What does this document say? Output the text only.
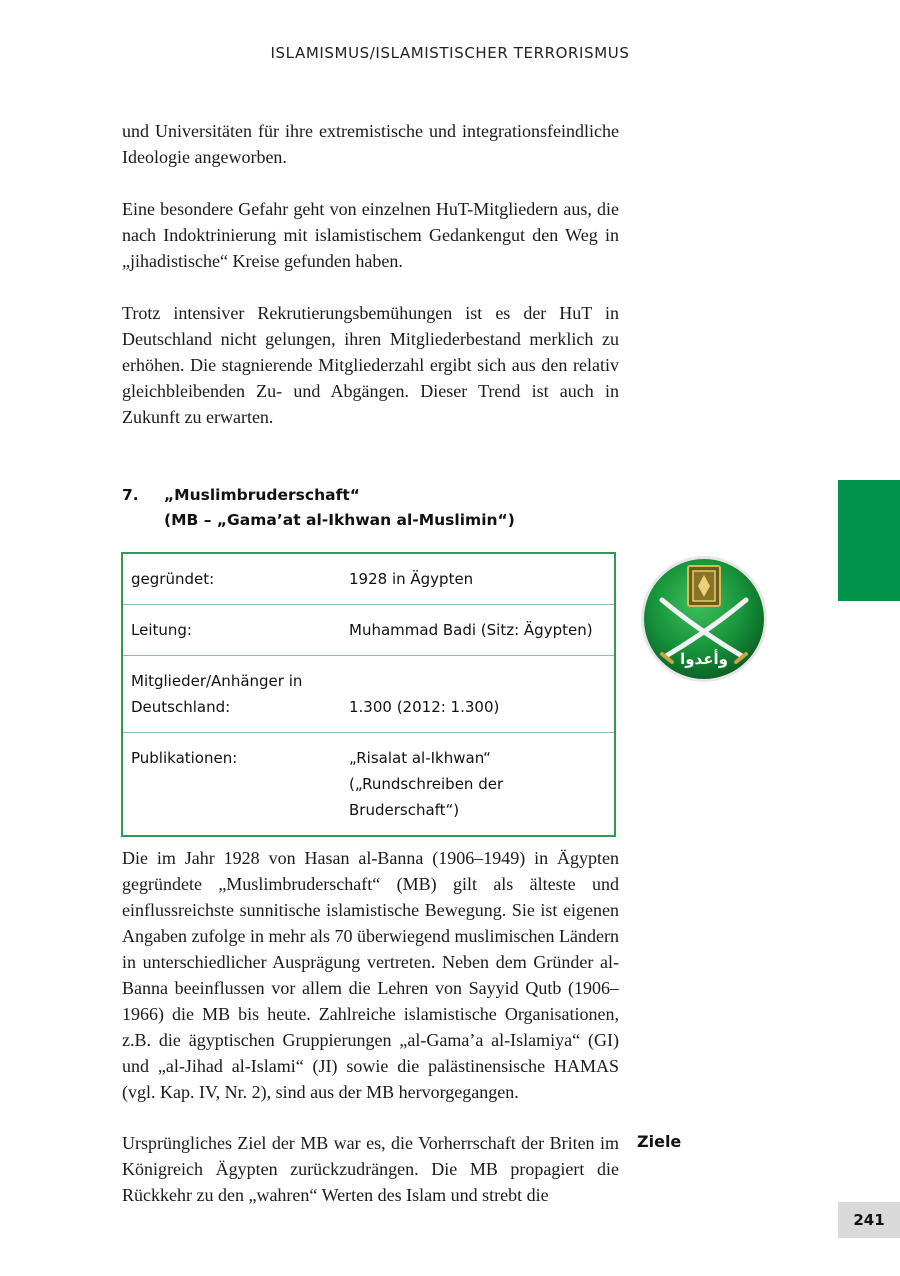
ISLAMISMUS/ISLAMISTISCHER TERRORISMUS

und Universitäten für ihre extremistische und integrationsfeindliche Ideologie angeworben.

Eine besondere Gefahr geht von einzelnen HuT-Mitgliedern aus, die nach Indoktrinierung mit islamistischem Gedankengut den Weg in „jihadistische“ Kreise gefunden haben.

Trotz intensiver Rekrutierungsbemühungen ist es der HuT in Deutschland nicht gelungen, ihren Mitgliederbestand merklich zu erhöhen. Die stagnierende Mitgliederzahl ergibt sich aus den relativ gleichbleibenden Zu- und Abgängen. Dieser Trend ist auch in Zukunft zu erwarten.

7.	„Muslimbruderschaft“
(MB – „Gama’at al-Ikhwan al-Muslimin“)
gegründet:	1928 in Ägypten
Leitung:	Muhammad Badi (Sitz: Ägypten)

Mitglieder/Anhänger in
Deutschland:	1.300 (2012: 1.300)
Publikationen:	„Risalat al-Ikhwan“
(„Rundschreiben der Bruderschaft“)
وأعدوا

Die im Jahr 1928 von Hasan al-Banna (1906–1949) in Ägypten gegründete „Muslimbruderschaft“ (MB) gilt als älteste und einflussreichste sunnitische islamistische Bewegung. Sie ist eigenen Angaben zufolge in mehr als 70 überwiegend muslimischen Ländern in unterschiedlicher Ausprägung vertreten. Neben dem Gründer al-Banna beeinflussen vor allem die Lehren von Sayyid Qutb (1906–1966) die MB bis heute. Zahlreiche islamistische Organisationen, z.B. die ägyptischen Gruppierungen „al-Gama’a al-Islamiya“ (GI) und „al-Jihad al-Islami“ (JI) sowie die palästinensische HAMAS (vgl. Kap. IV, Nr. 2), sind aus der MB hervorgegangen.

Ziele

Ursprüngliches Ziel der MB war es, die Vorherrschaft der Briten im Königreich Ägypten zurückzudrängen. Die MB propagiert die Rückkehr zu den „wahren“ Werten des Islam und strebt die

241
